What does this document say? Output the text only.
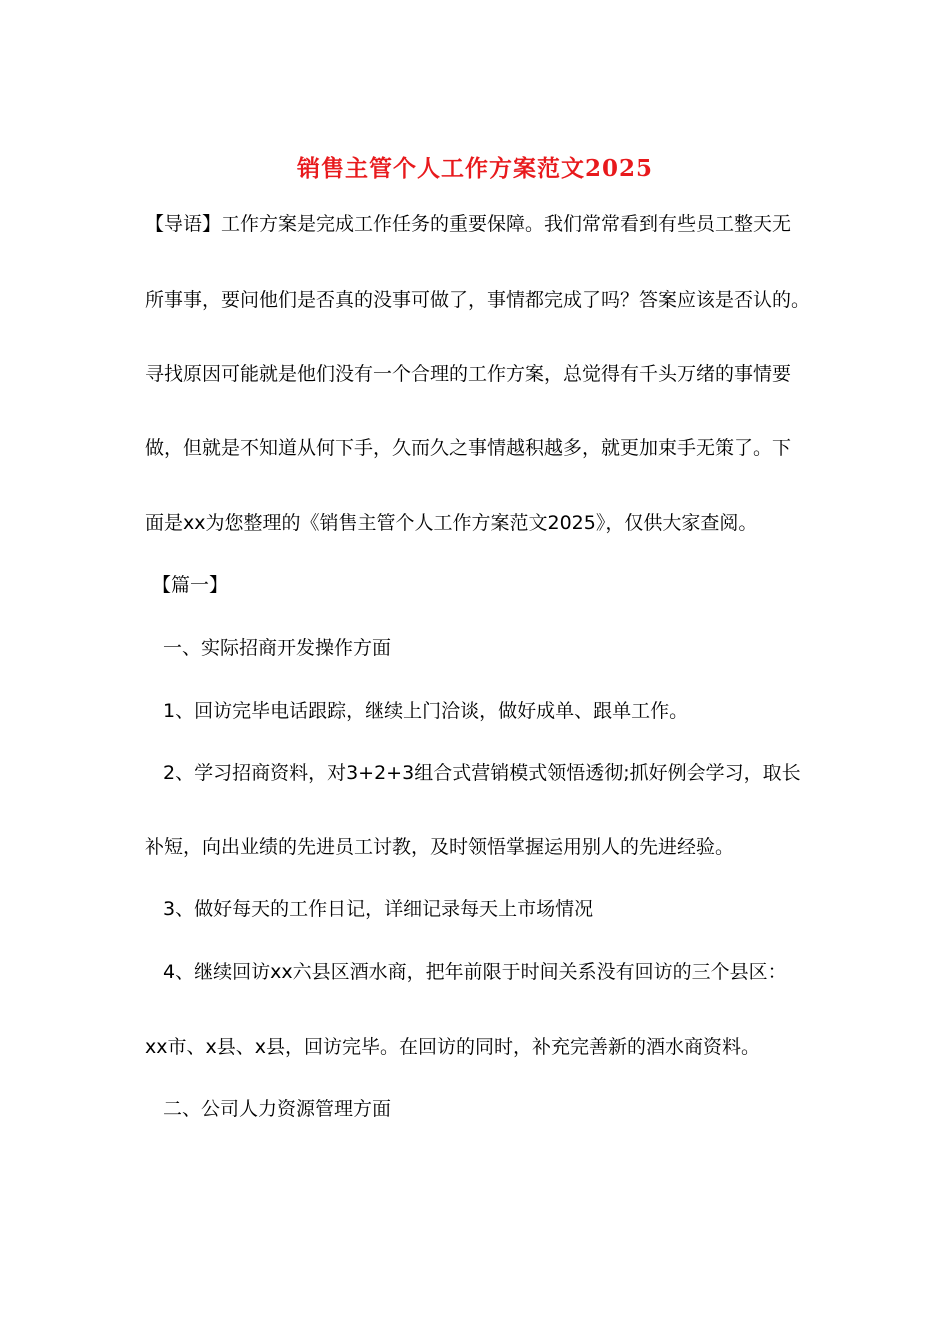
销售主管个人工作方案范文2025
【导语】工作方案是完成工作任务的重要保障。我们常常看到有些员工整天无
所事事，要问他们是否真的没事可做了，事情都完成了吗？答案应该是否认的。
寻找原因可能就是他们没有一个合理的工作方案，总觉得有千头万绪的事情要
做，但就是不知道从何下手，久而久之事情越积越多，就更加束手无策了。下
面是xx为您整理的《销售主管个人工作方案范文2025》，仅供大家查阅。
【篇一】
一、实际招商开发操作方面
1、回访完毕电话跟踪，继续上门洽谈，做好成单、跟单工作。
2、学习招商资料，对3+2+3组合式营销模式领悟透彻;抓好例会学习，取长
补短，向出业绩的先进员工讨教，及时领悟掌握运用别人的先进经验。
3、做好每天的工作日记，详细记录每天上市场情况
4、继续回访xx六县区酒水商，把年前限于时间关系没有回访的三个县区：
xx市、x县、x县，回访完毕。在回访的同时，补充完善新的酒水商资料。
二、公司人力资源管理方面
